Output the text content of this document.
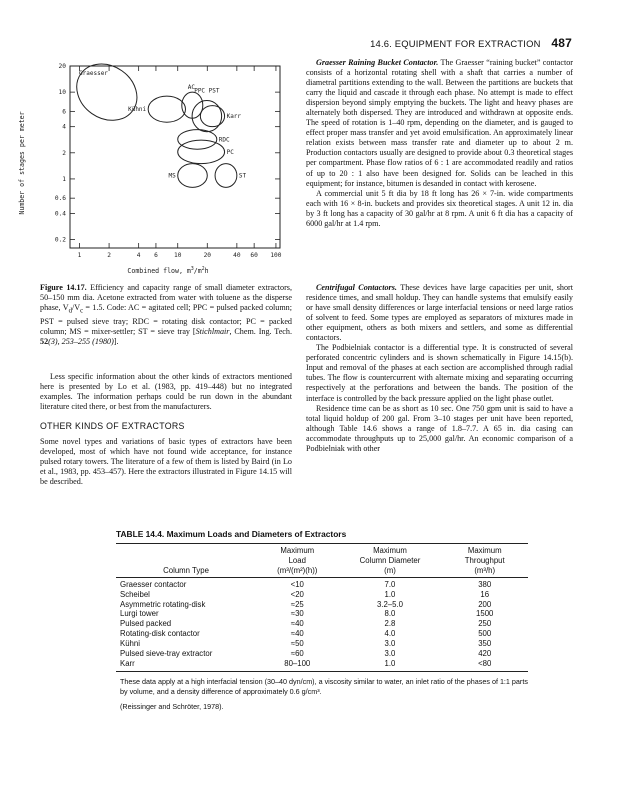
14.6. EQUIPMENT FOR EXTRACTION 487
1	2	4 6	10	20	40 60 100
0.2
0.4
0.6
1
2
4
6
10
20
Graesser
Kühni
AC PPC PST
Karr
RDC
PC
MS	ST
Number of stages per meter
Combined flow, $m^3/m^2h$
Figure 14.17. Efficiency and capacity range of small diameter extractors, 50–150 mm dia. Acetone extracted from water with toluene as the disperse phase, $V_d/V_c = 1.5$. Code: AC = agitated cell; PPC = pulsed packed column; PST = pulsed sieve tray; RDC = rotating disk contactor; PC = packed column; MS = mixer-settler; ST = sieve tray [Stichlmair, Chem. Ing. Tech. 52(3), 253–255 (1980)].

Less specific information about the other kinds of extractors mentioned here is presented by Lo et al. (1983, pp. 419–448) but no integrated examples. The information perhaps could be run down in the abundant literature cited there, or best from the manufacturers.

OTHER KINDS OF EXTRACTORS

Some novel types and variations of basic types of extractors have been developed, most of which have not found wide acceptance, for instance pulsed rotary towers. The literature of a few of them is listed by Baird (in Lo et al., 1983, pp. 453–457). Here the extractors illustrated in Figure 14.15 will be described.

Graesser Raining Bucket Contactor. The Graesser “raining bucket” contactor consists of a horizontal rotating shell with a shaft that carries a number of diametral partitions extending to the wall. Between the partitions are buckets that carry the liquid and cascade it through each phase. No attempt is made to effect dispersion beyond simply emptying the buckets. The light and heavy phases are alternately both dispersed. They are introduced and withdrawn at opposite ends. The speed of rotation is 1–40 rpm, depending on the diameter, and is gauged to effect proper mass transfer and yet avoid emulsification. An approximately linear relation exists between mass transfer rate and diameter up to about 2 m. Production contactors usually are designed to provide about 0.3 theoretical stages per compartment. Phase flow ratios of 6 : 1 are accommodated readily and ratios of up to 20 : 1 also have been designed for. Solids can be leached in this equipment; for instance, bitumen is desanded in contact with kerosene.

A commercial unit 5 ft dia by 18 ft long has 26 × 7-in. wide compartments each with 16 × 8-in. buckets and provides six theoretical stages. A unit 12 in. dia by 3 ft long has a capacity of 30 gal/hr at 8 rpm. A unit 6 ft dia has a capacity of 6000 gal/hr at 1.4 rpm.

Centrifugal Contactors. These devices have large capacities per unit, short residence times, and small holdup. They can handle systems that emulsify easily or have small density differences or large interfacial tensions or need large ratios of solvent to feed. Some types are employed as separators of mixtures made in other equipment, others as both mixers and settlers, and some as differential contactors.

The Podbielniak contactor is a differential type. It is constructed of several perforated concentric cylinders and is shown schematically in Figure 14.15(b). Input and removal of the phases at each section are accomplished through radial tubes. The flow is countercurrent with alternate mixing and separating occurring respectively at the perforations and between the bands. The position of the interface is controlled by the back pressure applied on the light phase outlet.

Residence time can be as short as 10 sec. One 750 gpm unit is said to have a total liquid holdup of 200 gal. From 3–10 stages per unit have been reported, although Table 14.6 shows a range of 1.8–7.7. A 65 in. dia casing can accommodate throughputs up to 25,000 gal/hr. An economic comparison of a Podbielniak with other

TABLE 14.4. Maximum Loads and Diameters of Extractors
	Maximum	Maximum	Maximum
	Load	Column Diameter	Throughput
Column Type	(m³/(m²)(h))	(m)	(m³/h)
Graesser contactor	<10	7.0	380
Scheibel	<20	1.0	16
Asymmetric rotating-disk	≈25	3.2–5.0	200
Lurgi tower	≈30	8.0	1500
Pulsed packed	≈40	2.8	250
Rotating-disk contactor	≈40	4.0	500
Kühni	≈50	3.0	350
Pulsed sieve-tray extractor	≈60	3.0	420
Karr	80–100	1.0	<80
These data apply at a high interfacial tension (30–40 dyn/cm), a viscosity similar to water, an inlet ratio of the phases of 1:1 parts by volume, and a density difference of approximately 0.6 g/cm³.
(Reissinger and Schröter, 1978).
